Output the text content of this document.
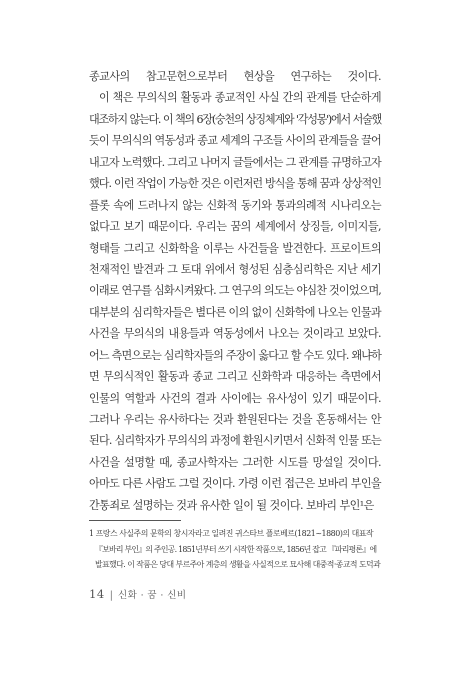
종교사의 참고문헌으로부터 현상을 연구하는 것이다.
이 책은 무의식의 활동과 종교적인 사실 간의 관계를 단순하게
대조하지 않는다. 이 책의 6장(숭천의 상징체계와 '각성몽')에서 서술했
듯이 무의식의 역동성과 종교 세계의 구조들 사이의 관계들을 끌어
내고자 노력했다. 그리고 나머지 글들에서는 그 관계를 규명하고자
했다. 이런 작업이 가능한 것은 이런저런 방식을 통해 꿈과 상상적인
플롯 속에 드러나지 않는 신화적 동기와 통과의례적 시나리오는
없다고 보기 때문이다. 우리는 꿈의 세계에서 상징들, 이미지들,
형태들 그리고 신화학을 이루는 사건들을 발견한다. 프로이트의
천재적인 발견과 그 토대 위에서 형성된 심층심리학은 지난 세기
이래로 연구를 심화시켜왔다. 그 연구의 의도는 야심찬 것이었으며,
대부분의 심리학자들은 별다른 이의 없이 신화학에 나오는 인물과
사건을 무의식의 내용들과 역동성에서 나오는 것이라고 보았다.
어느 측면으로는 심리학자들의 주장이 옳다고 할 수도 있다. 왜냐하
면 무의식적인 활동과 종교 그리고 신화학과 대응하는 측면에서
인물의 역할과 사건의 결과 사이에는 유사성이 있기 때문이다.
그러나 우리는 유사하다는 것과 환원된다는 것을 혼동해서는 안
된다. 심리학자가 무의식의 과정에 환원시키면서 신화적 인물 또는
사건을 설명할 때, 종교사학자는 그러한 시도를 망설일 것이다.
아마도 다른 사람도 그럴 것이다. 가령 이런 접근은 보바리 부인을
간통죄로 설명하는 것과 유사한 일이 될 것이다. 보바리 부인¹은
1 프랑스 사실주의 문학의 창시자라고 일려진 귀스타브 플로베르(1821~1880)의 대표작
『보바리 부인』의 주인공. 1851년부터 쓰기 시작한 작품으로, 1856년 잡고 『파리평론』에
발표했다. 이 작품은 당대 부르주아 계층의 생활을 사실적으로 묘사해 대중적·종교적 도덕과
14 | 신화 · 꿈 · 신비
